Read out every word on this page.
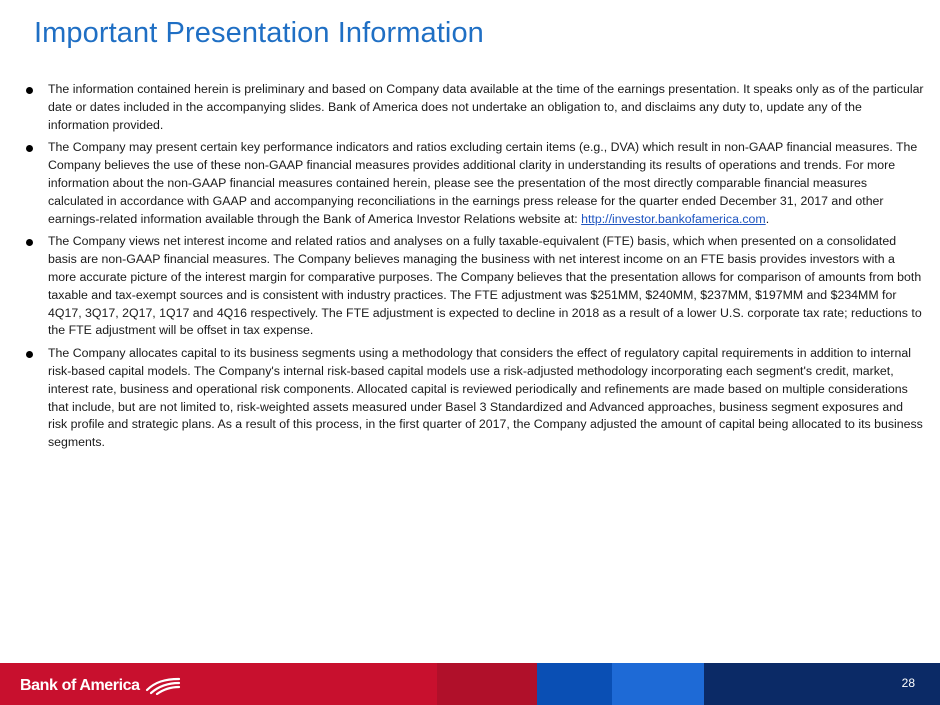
Important Presentation Information
The information contained herein is preliminary and based on Company data available at the time of the earnings presentation. It speaks only as of the particular date or dates included in the accompanying slides. Bank of America does not undertake an obligation to, and disclaims any duty to, update any of the information provided.
The Company may present certain key performance indicators and ratios excluding certain items (e.g., DVA) which result in non-GAAP financial measures. The Company believes the use of these non-GAAP financial measures provides additional clarity in understanding its results of operations and trends. For more information about the non-GAAP financial measures contained herein, please see the presentation of the most directly comparable financial measures calculated in accordance with GAAP and accompanying reconciliations in the earnings press release for the quarter ended December 31, 2017 and other earnings-related information available through the Bank of America Investor Relations website at: http://investor.bankofamerica.com.
The Company views net interest income and related ratios and analyses on a fully taxable-equivalent (FTE) basis, which when presented on a consolidated basis are non-GAAP financial measures. The Company believes managing the business with net interest income on an FTE basis provides investors with a more accurate picture of the interest margin for comparative purposes. The Company believes that the presentation allows for comparison of amounts from both taxable and tax-exempt sources and is consistent with industry practices. The FTE adjustment was $251MM, $240MM, $237MM, $197MM and $234MM for 4Q17, 3Q17, 2Q17, 1Q17 and 4Q16 respectively. The FTE adjustment is expected to decline in 2018 as a result of a lower U.S. corporate tax rate; reductions to the FTE adjustment will be offset in tax expense.
The Company allocates capital to its business segments using a methodology that considers the effect of regulatory capital requirements in addition to internal risk-based capital models. The Company's internal risk-based capital models use a risk-adjusted methodology incorporating each segment's credit, market, interest rate, business and operational risk components. Allocated capital is reviewed periodically and refinements are made based on multiple considerations that include, but are not limited to, risk-weighted assets measured under Basel 3 Standardized and Advanced approaches, business segment exposures and risk profile and strategic plans. As a result of this process, in the first quarter of 2017, the Company adjusted the amount of capital being allocated to its business segments.
Bank of America	28
